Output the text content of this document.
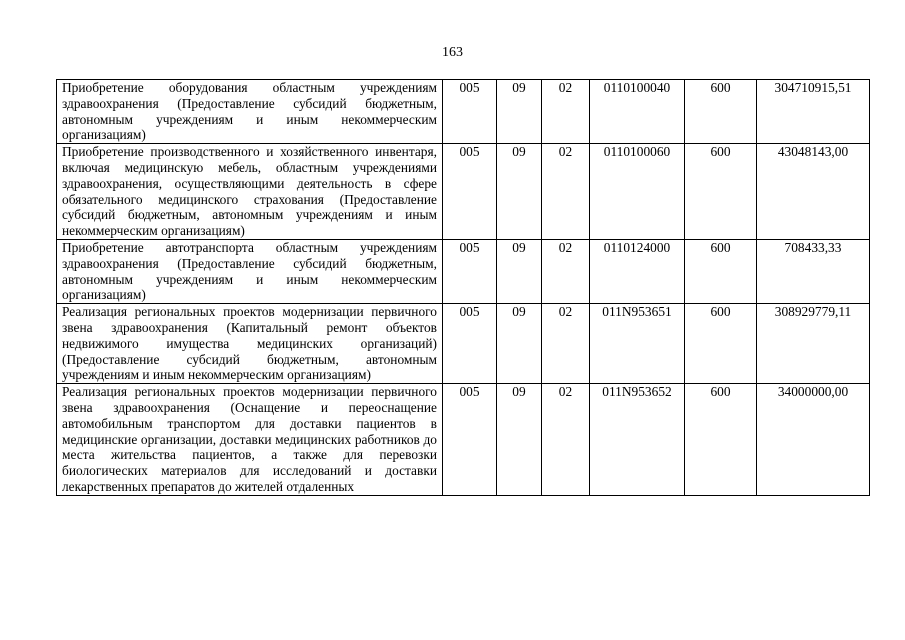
163
Приобретение оборудования областным учреждениям здравоохранения (Предоставление субсидий бюджетным, автономным учреждениям и иным некоммерческим организациям)	005	09	02	0110100040	600	304710915,51
Приобретение производственного и хозяйственного инвентаря, включая медицинскую мебель, областным учреждениями здравоохранения, осуществляющими деятельность в сфере обязательного медицинского страхования (Предоставление субсидий бюджетным, автономным учреждениям и иным некоммерческим организациям)	005	09	02	0110100060	600	43048143,00
Приобретение автотранспорта областным учреждениям здравоохранения (Предоставление субсидий бюджетным, автономным учреждениям и иным некоммерческим организациям)	005	09	02	0110124000	600	708433,33
Реализация региональных проектов модернизации первичного звена здравоохранения (Капитальный ремонт объектов недвижимого имущества медицинских организаций) (Предоставление субсидий бюджетным, автономным учреждениям и иным некоммерческим организациям)	005	09	02	011N953651	600	308929779,11
Реализация региональных проектов модернизации первичного звена здравоохранения (Оснащение и переоснащение автомобильным транспортом для доставки пациентов в медицинские организации, доставки медицинских работников до места жительства пациентов, а также для перевозки биологических материалов для исследований и доставки лекарственных препаратов до жителей отдаленных	005	09	02	011N953652	600	34000000,00
